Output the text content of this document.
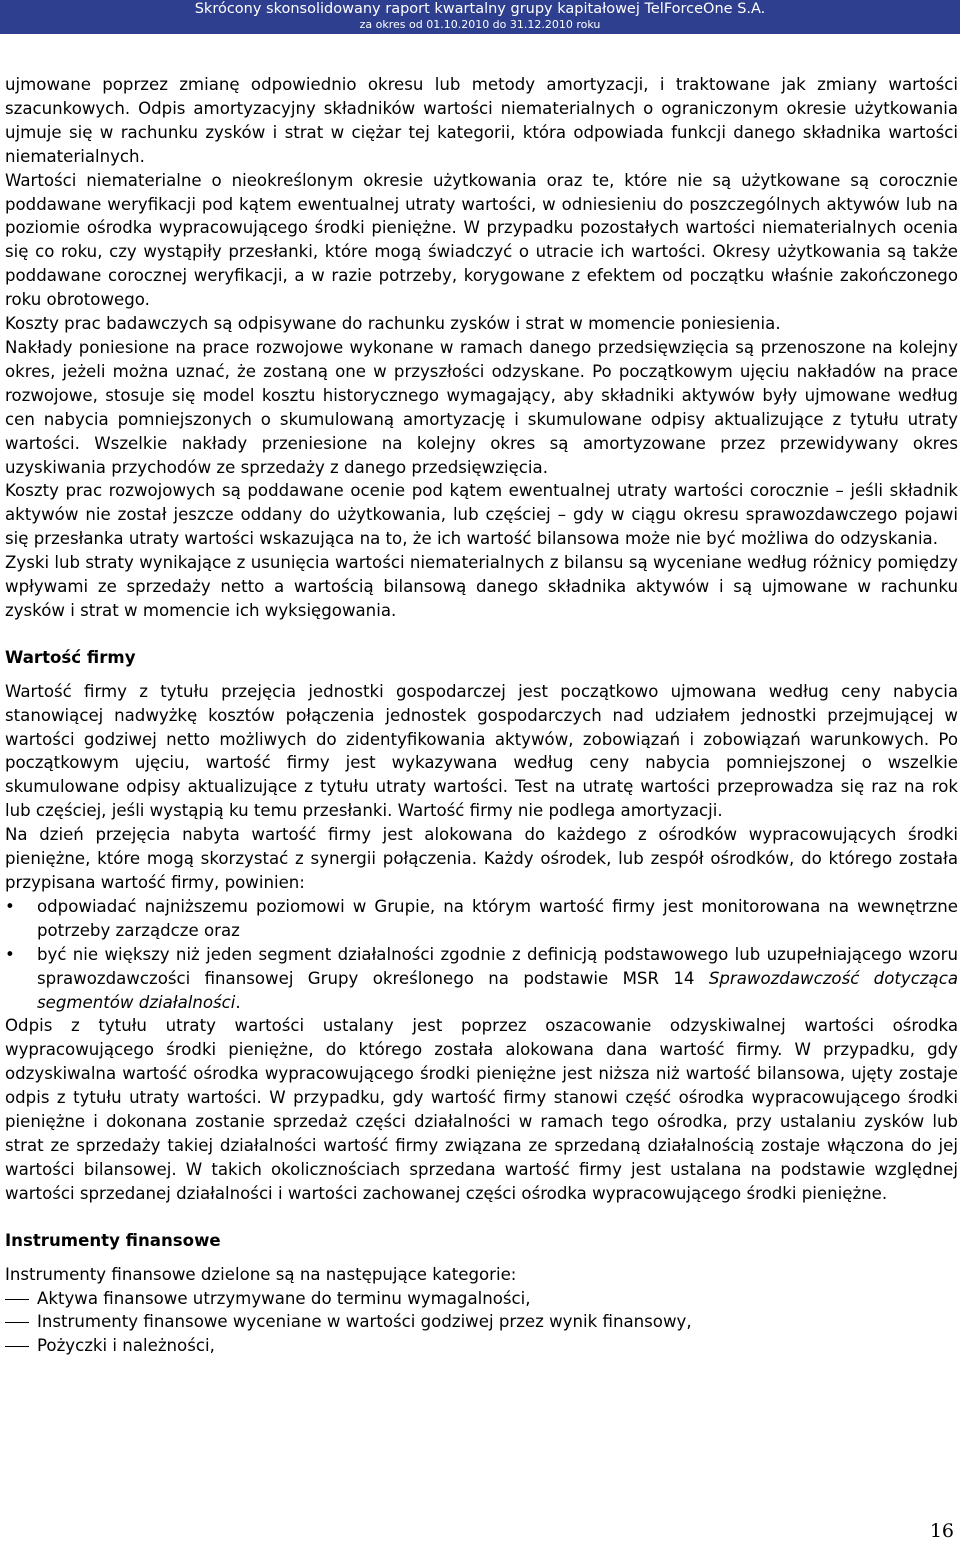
Skrócony skonsolidowany raport kwartalny grupy kapitałowej TelForceOne S.A.
za okres od 01.10.2010 do 31.12.2010 roku

ujmowane poprzez zmianę odpowiednio okresu lub metody amortyzacji, i traktowane jak zmiany wartości szacunkowych. Odpis amortyzacyjny składników wartości niematerialnych o ograniczonym okresie użytkowania ujmuje się w rachunku zysków i strat w ciężar tej kategorii, która odpowiada funkcji danego składnika wartości niematerialnych.

Wartości niematerialne o nieokreślonym okresie użytkowania oraz te, które nie są użytkowane są corocznie poddawane weryfikacji pod kątem ewentualnej utraty wartości, w odniesieniu do poszczególnych aktywów lub na poziomie ośrodka wypracowującego środki pieniężne. W przypadku pozostałych wartości niematerialnych ocenia się co roku, czy wystąpiły przesłanki, które mogą świadczyć o utracie ich wartości. Okresy użytkowania są także poddawane corocznej weryfikacji, a w razie potrzeby, korygowane z efektem od początku właśnie zakończonego roku obrotowego.

Koszty prac badawczych są odpisywane do rachunku zysków i strat w momencie poniesienia.

Nakłady poniesione na prace rozwojowe wykonane w ramach danego przedsięwzięcia są przenoszone na kolejny okres, jeżeli można uznać, że zostaną one w przyszłości odzyskane. Po początkowym ujęciu nakładów na prace rozwojowe, stosuje się model kosztu historycznego wymagający, aby składniki aktywów były ujmowane według cen nabycia pomniejszonych o skumulowaną amortyzację i skumulowane odpisy aktualizujące z tytułu utraty wartości. Wszelkie nakłady przeniesione na kolejny okres są amortyzowane przez przewidywany okres uzyskiwania przychodów ze sprzedaży z danego przedsięwzięcia.

Koszty prac rozwojowych są poddawane ocenie pod kątem ewentualnej utraty wartości corocznie – jeśli składnik aktywów nie został jeszcze oddany do użytkowania, lub częściej – gdy w ciągu okresu sprawozdawczego pojawi się przesłanka utraty wartości wskazująca na to, że ich wartość bilansowa może nie być możliwa do odzyskania.

Zyski lub straty wynikające z usunięcia wartości niematerialnych z bilansu są wyceniane według różnicy pomiędzy wpływami ze sprzedaży netto a wartością bilansową danego składnika aktywów i są ujmowane w rachunku zysków i strat w momencie ich wyksięgowania.

Wartość firmy

Wartość firmy z tytułu przejęcia jednostki gospodarczej jest początkowo ujmowana według ceny nabycia stanowiącej nadwyżkę kosztów połączenia jednostek gospodarczych nad udziałem jednostki przejmującej w wartości godziwej netto możliwych do zidentyfikowania aktywów, zobowiązań i zobowiązań warunkowych. Po początkowym ujęciu, wartość firmy jest wykazywana według ceny nabycia pomniejszonej o wszelkie skumulowane odpisy aktualizujące z tytułu utraty wartości. Test na utratę wartości przeprowadza się raz na rok lub częściej, jeśli wystąpią ku temu przesłanki. Wartość firmy nie podlega amortyzacji.

Na dzień przejęcia nabyta wartość firmy jest alokowana do każdego z ośrodków wypracowujących środki pieniężne, które mogą skorzystać z synergii połączenia. Każdy ośrodek, lub zespół ośrodków, do którego została przypisana wartość firmy, powinien:

•	odpowiadać najniższemu poziomowi w Grupie, na którym wartość firmy jest monitorowana na wewnętrzne potrzeby zarządcze oraz
•	być nie większy niż jeden segment działalności zgodnie z definicją podstawowego lub uzupełniającego wzoru sprawozdawczości finansowej Grupy określonego na podstawie MSR 14 Sprawozdawczość dotycząca segmentów działalności.

Odpis z tytułu utraty wartości ustalany jest poprzez oszacowanie odzyskiwalnej wartości ośrodka wypracowującego środki pieniężne, do którego została alokowana dana wartość firmy. W przypadku, gdy odzyskiwalna wartość ośrodka wypracowującego środki pieniężne jest niższa niż wartość bilansowa, ujęty zostaje odpis z tytułu utraty wartości. W przypadku, gdy wartość firmy stanowi część ośrodka wypracowującego środki pieniężne i dokonana zostanie sprzedaż części działalności w ramach tego ośrodka, przy ustalaniu zysków lub strat ze sprzedaży takiej działalności wartość firmy związana ze sprzedaną działalnością zostaje włączona do jej wartości bilansowej. W takich okolicznościach sprzedana wartość firmy jest ustalana na podstawie względnej wartości sprzedanej działalności i wartości zachowanej części ośrodka wypracowującego środki pieniężne.

Instrumenty finansowe

Instrumenty finansowe dzielone są na następujące kategorie:

Aktywa finansowe utrzymywane do terminu wymagalności,
Instrumenty finansowe wyceniane w wartości godziwej przez wynik finansowy,
Pożyczki i należności,
16
